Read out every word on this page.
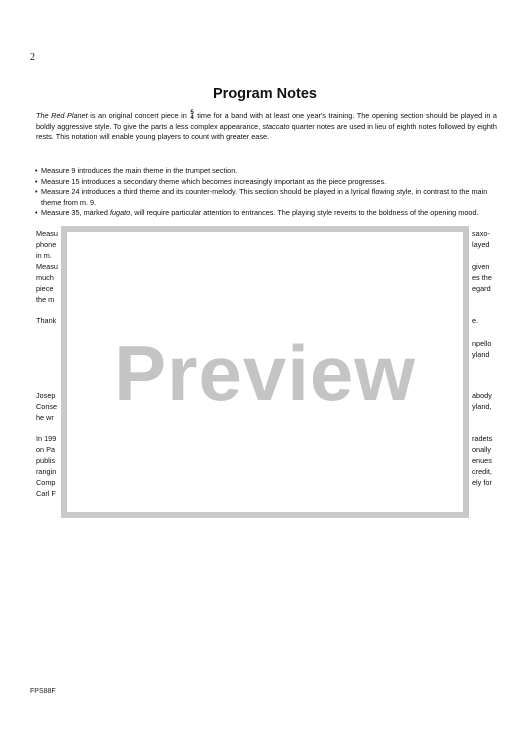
2
Program Notes
The Red Planet is an original concert piece in 5
4 time for a band with at least one year's training. The opening section should be played in a boldly aggressive style. To give the parts a less complex appearance, staccato quarter notes are used in lieu of eighth notes followed by eighth rests. This notation will enable young players to count with greater ease.
• Measure 9 introduces the main theme in the trumpet section.
• Measure 15 introduces a secondary theme which becomes increasingly important as the piece progresses.
• Measure 24 introduces a third theme and its counter-melody. This section should be played in a lyrical flowing style, in contrast to the main theme from m. 9.
• Measure 35, marked fugato, will require particular attention to entrances. The playing style reverts to the boldness of the opening mood.
Measu
phone
in m.
Measu
much
piece
the m
Thank
Josep
Conse
he wr
In 199
on Pa
publis
rangin
Comp
Carl F
saxo-
layed
given
es the
egard
e.
npello
yland
abody
yland,
radets
onally
enues
credit,
ely for
Preview
FPS88F
